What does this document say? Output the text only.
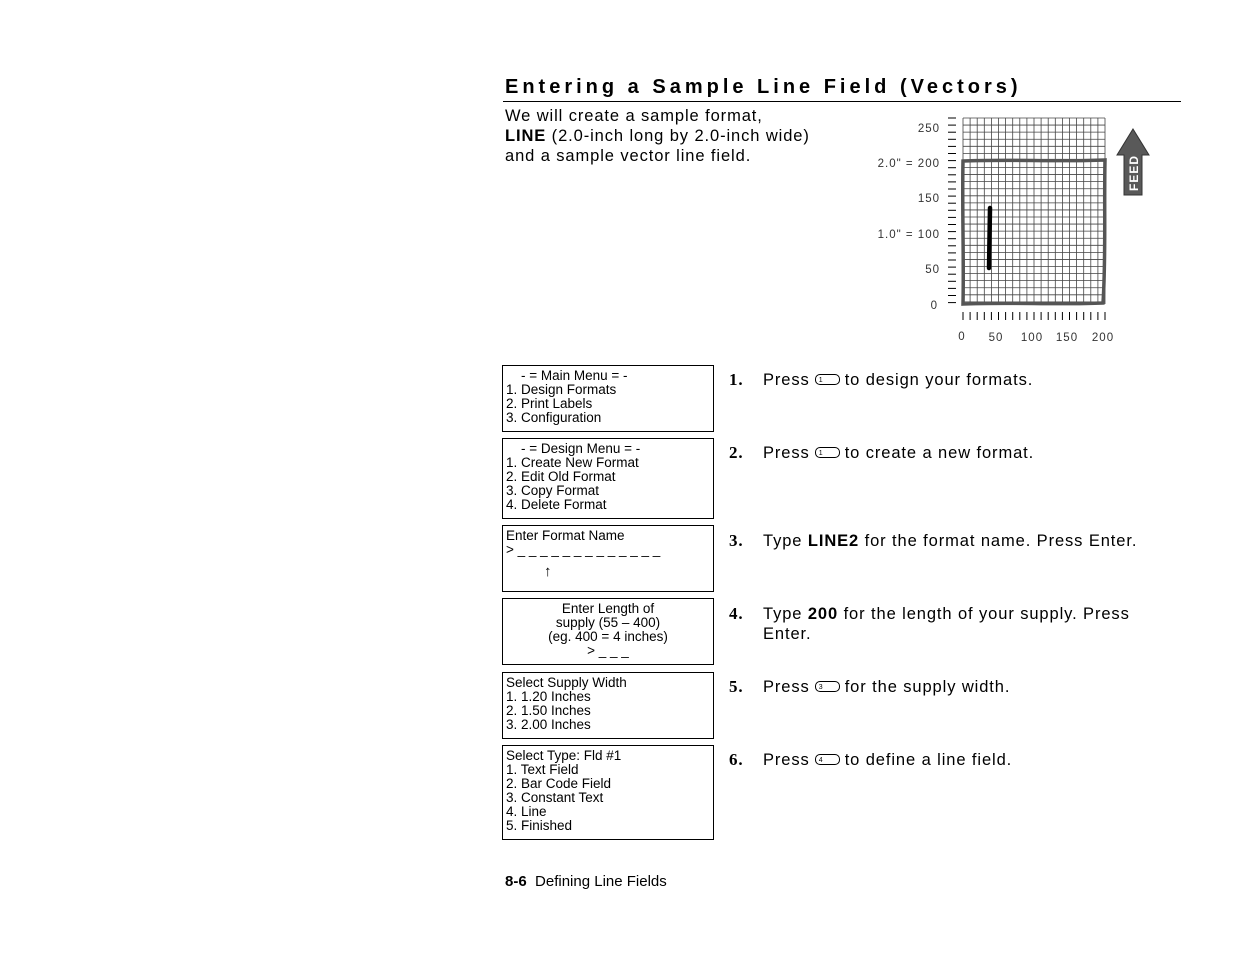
Entering a Sample Line Field (Vectors)
We will create a sample format,
LINE (2.0-inch long by 2.0-inch wide) and a sample vector line field.
250
2.0" = 200
150
1.0" = 100
50
0
0 50 100 150 200
FEED
- = Main Menu = -
1. Design Formats
2. Print Labels
3. Configuration
- = Design Menu = -
1. Create New Format
2. Edit Old Format
3. Copy Format
4. Delete Format
Enter Format Name
> _ _ _ _ _ _ _ _ _ _ _ _ _
↑
Enter Length of
supply (55 – 400)
(eg. 400 = 4 inches)
> _ _ _
Select Supply Width
1. 1.20 Inches
2. 1.50 Inches
3. 2.00 Inches
Select Type: Fld #1
1. Text Field
2. Bar Code Field
3. Constant Text
4. Line
5. Finished
1. Press 1 to design your formats.
2. Press 1 to create a new format.
3. Type LINE2 for the format name. Press Enter.
4. Type 200 for the length of your supply. Press Enter.
5. Press 3 for the supply width.
6. Press 4 to define a line field.
8-6 Defining Line Fields
